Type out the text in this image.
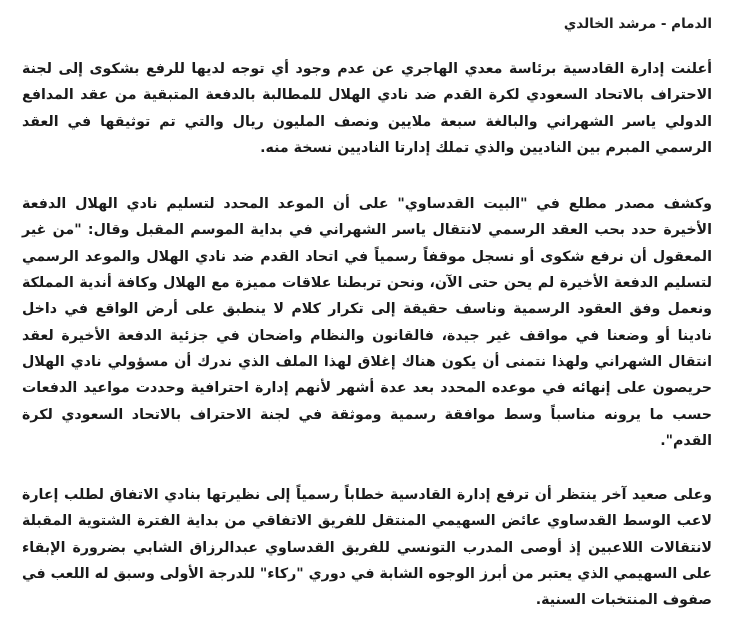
الدمام - مرشد الخالدي

أعلنت إدارة القادسية برئاسة معدي الهاجري عن عدم وجود أي توجه لديها للرفع بشكوى إلى لجنة الاحتراف بالاتحاد السعودي لكرة القدم ضد نادي الهلال للمطالبة بالدفعة المتبقية من عقد المدافع الدولي ياسر الشهراني والبالغة سبعة ملايين ونصف المليون ريال والتي تم توثيقها في العقد الرسمي المبرم بين الناديين والذي تملك إدارتا الناديين نسخة منه.

وكشف مصدر مطلع في "البيت القدساوي" على أن الموعد المحدد لتسليم نادي الهلال الدفعة الأخيرة حدد بحب العقد الرسمي لانتقال ياسر الشهراني في بداية الموسم المقبل وقال: "من غير المعقول أن نرفع شكوى أو نسجل موقفاً رسمياً في اتحاد القدم ضد نادي الهلال والموعد الرسمي لتسليم الدفعة الأخيرة لم يحن حتى الآن، ونحن تربطنا علاقات مميزة مع الهلال وكافة أندية المملكة ونعمل وفق العقود الرسمية وناسف حقيقة إلى تكرار كلام لا ينطبق على أرض الواقع في داخل نادينا أو وضعنا في مواقف غير جيدة، فالقانون والنظام واضحان في جزئية الدفعة الأخيرة لعقد انتقال الشهراني ولهذا نتمنى أن يكون هناك إغلاق لهذا الملف الذي ندرك أن مسؤولي نادي الهلال حريصون على إنهائه في موعده المحدد بعد عدة أشهر لأنهم إدارة احترافية وحددت مواعيد الدفعات حسب ما يرونه مناسباً وسط موافقة رسمية وموثقة في لجنة الاحتراف بالاتحاد السعودي لكرة القدم".

وعلى صعيد آخر ينتظر أن ترفع إدارة القادسية خطاباً رسمياً إلى نظيرتها بنادي الاتفاق لطلب إعارة لاعب الوسط القدساوي عائض السهيمي المنتقل للفريق الاتفاقي من بداية الفترة الشتوية المقبلة لانتقالات اللاعبين إذ أوصى المدرب التونسي للفريق القدساوي عبدالرزاق الشابي بضرورة الإبقاء على السهيمي الذي يعتبر من أبرز الوجوه الشابة في دوري "ركاء" للدرجة الأولى وسبق له اللعب في صفوف المنتخبات السنية.
